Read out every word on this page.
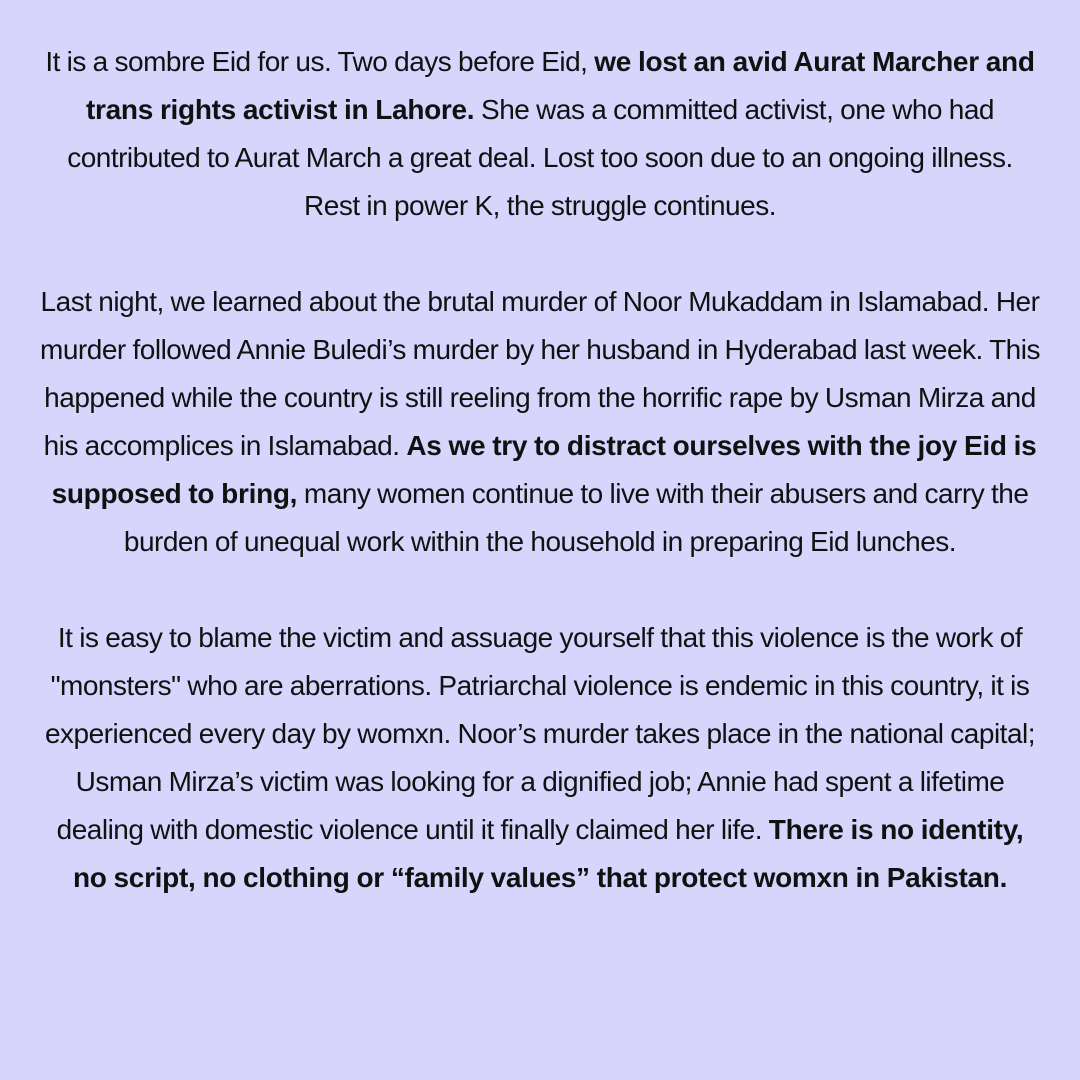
It is a sombre Eid for us. Two days before Eid, we lost an avid Aurat Marcher and trans rights activist in Lahore. She was a committed activist, one who had contributed to Aurat March a great deal. Lost too soon due to an ongoing illness. Rest in power K, the struggle continues.

Last night, we learned about the brutal murder of Noor Mukaddam in Islamabad. Her murder followed Annie Buledi’s murder by her husband in Hyderabad last week. This happened while the country is still reeling from the horrific rape by Usman Mirza and his accomplices in Islamabad. As we try to distract ourselves with the joy Eid is supposed to bring, many women continue to live with their abusers and carry the burden of unequal work within the household in preparing Eid lunches.

It is easy to blame the victim and assuage yourself that this violence is the work of "monsters" who are aberrations. Patriarchal violence is endemic in this country, it is experienced every day by womxn. Noor’s murder takes place in the national capital; Usman Mirza’s victim was looking for a dignified job; Annie had spent a lifetime dealing with domestic violence until it finally claimed her life. There is no identity, no script, no clothing or “family values” that protect womxn in Pakistan.
